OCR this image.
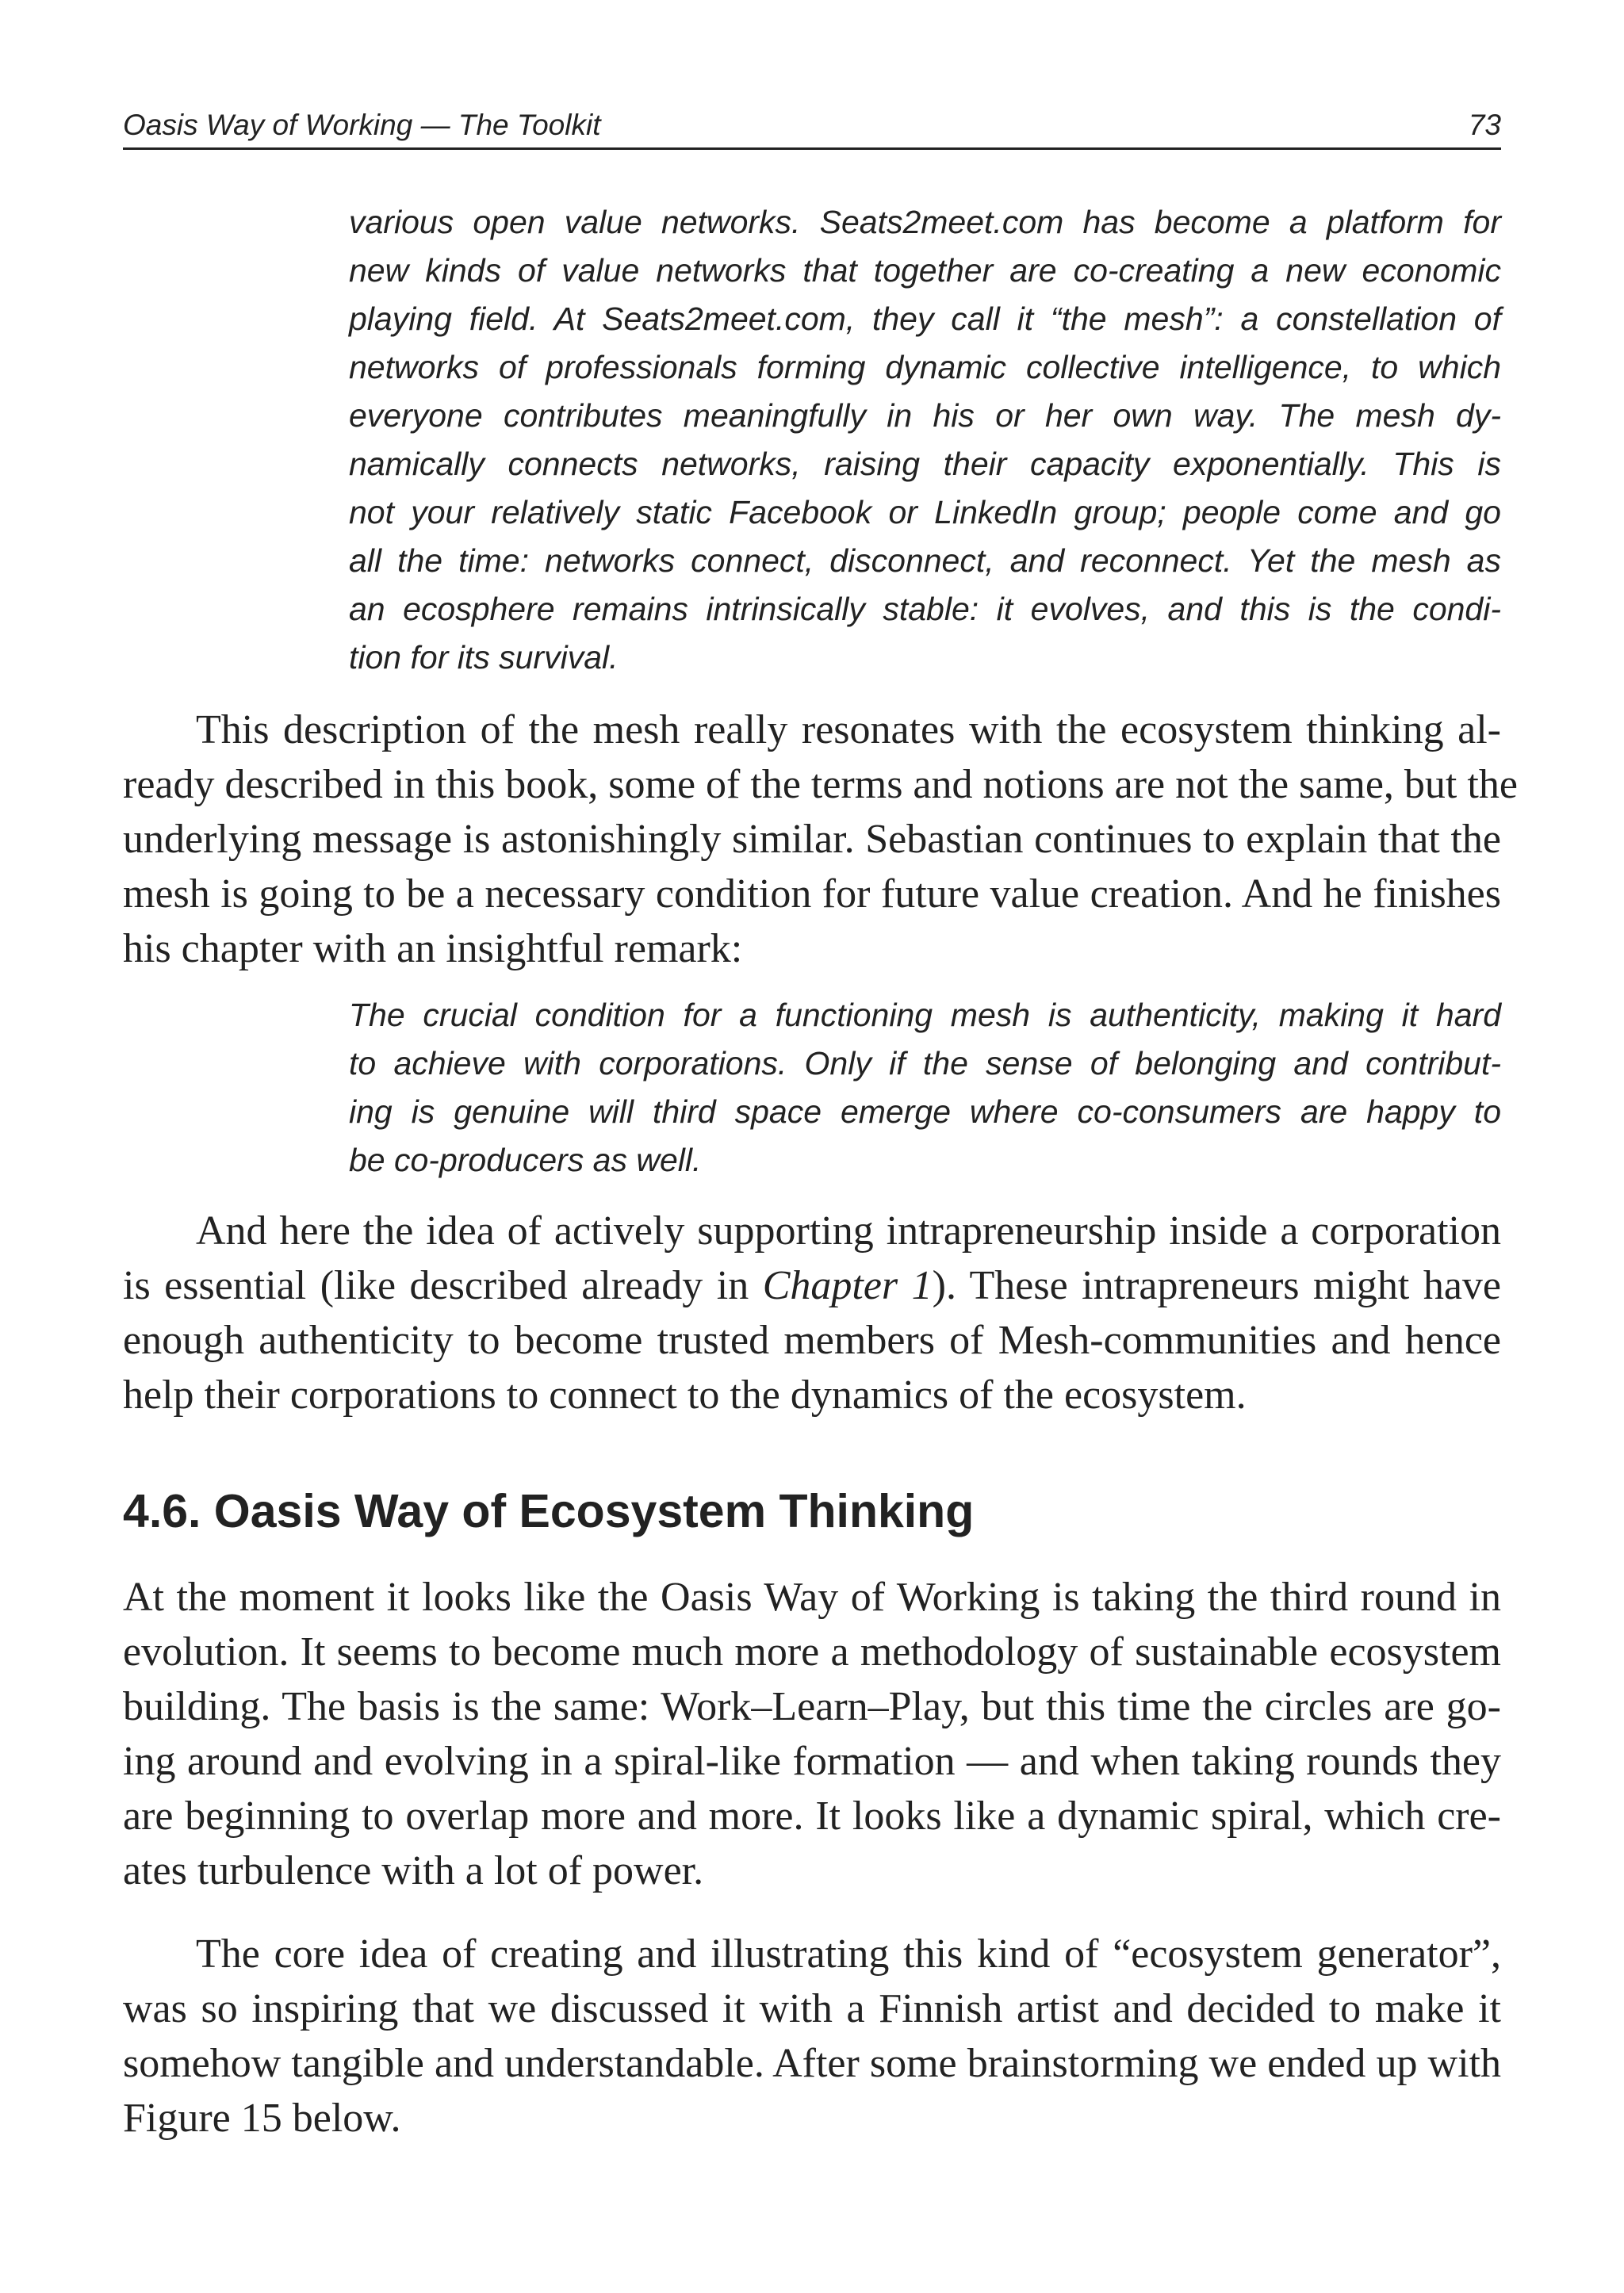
Oasis Way of Working — The Toolkit	73
various open value networks. Seats2meet.com has become a platform for
new kinds of value networks that together are co-creating a new economic
playing field. At Seats2meet.com, they call it “the mesh”: a constellation of
networks of professionals forming dynamic collective intelligence, to which
everyone contributes meaningfully in his or her own way. The mesh dy-
namically connects networks, raising their capacity exponentially. This is
not your relatively static Facebook or LinkedIn group; people come and go
all the time: networks connect, disconnect, and reconnect. Yet the mesh as
an ecosphere remains intrinsically stable: it evolves, and this is the condi-
tion for its survival.
This description of the mesh really resonates with the ecosystem thinking al-
ready described in this book, some of the terms and notions are not the same, but the
underlying message is astonishingly similar. Sebastian continues to explain that the
mesh is going to be a necessary condition for future value creation. And he finishes
his chapter with an insightful remark:
The crucial condition for a functioning mesh is authenticity, making it hard
to achieve with corporations. Only if the sense of belonging and contribut-
ing is genuine will third space emerge where co-consumers are happy to
be co-producers as well.
And here the idea of actively supporting intrapreneurship inside a corporation
is essential (like described already in Chapter 1). These intrapreneurs might have
enough authenticity to become trusted members of Mesh-communities and hence
help their corporations to connect to the dynamics of the ecosystem.
4.6. Oasis Way of Ecosystem Thinking
At the moment it looks like the Oasis Way of Working is taking the third round in
evolution. It seems to become much more a methodology of sustainable ecosystem
building. The basis is the same: Work–Learn–Play, but this time the circles are go-
ing around and evolving in a spiral-like formation — and when taking rounds they
are beginning to overlap more and more. It looks like a dynamic spiral, which cre-
ates turbulence with a lot of power.
The core idea of creating and illustrating this kind of “ecosystem generator”,
was so inspiring that we discussed it with a Finnish artist and decided to make it
somehow tangible and understandable. After some brainstorming we ended up with
Figure 15 below.
